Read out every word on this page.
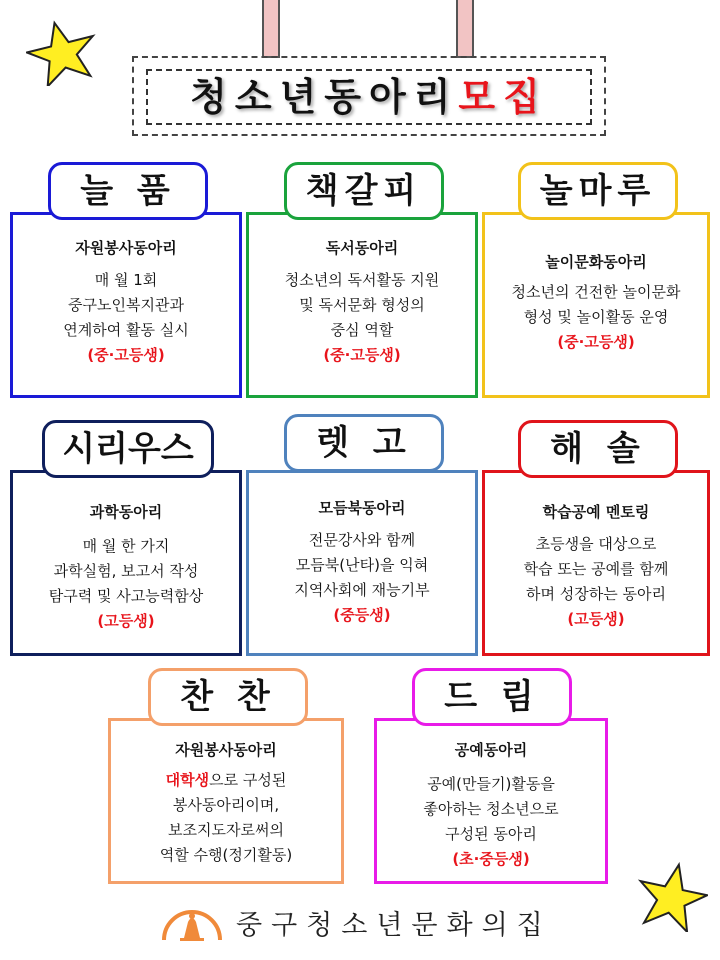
청소년동아리모집
늘 품
자원봉사동아리
매 월 1회
중구노인복지관과
연계하여 활동 실시
(중·고등생)
책갈피
독서동아리
청소년의 독서활동 지원
및 독서문화 형성의
중심 역할
(중·고등생)
놀마루
놀이문화동아리
청소년의 건전한 놀이문화
형성 및 놀이활동 운영
(중·고등생)
시리우스
과학동아리
매 월 한 가지
과학실험, 보고서 작성
탐구력 및 사고능력함상
(고등생)
렛 고
모듬북동아리
전문강사와 함께
모듬북(난타)을 익혀
지역사회에 재능기부
(중등생)
해 솔
학습공예 멘토링
초등생을 대상으로
학습 또는 공예를 함께
하며 성장하는 동아리
(고등생)
찬 찬
자원봉사동아리
대학생으로 구성된
봉사동아리이며,
보조지도자로써의
역할 수행(정기활동)
드 림
공예동아리
공예(만들기)활동을
좋아하는 청소년으로
구성된 동아리
(초·중등생)
중구청소년문화의집
